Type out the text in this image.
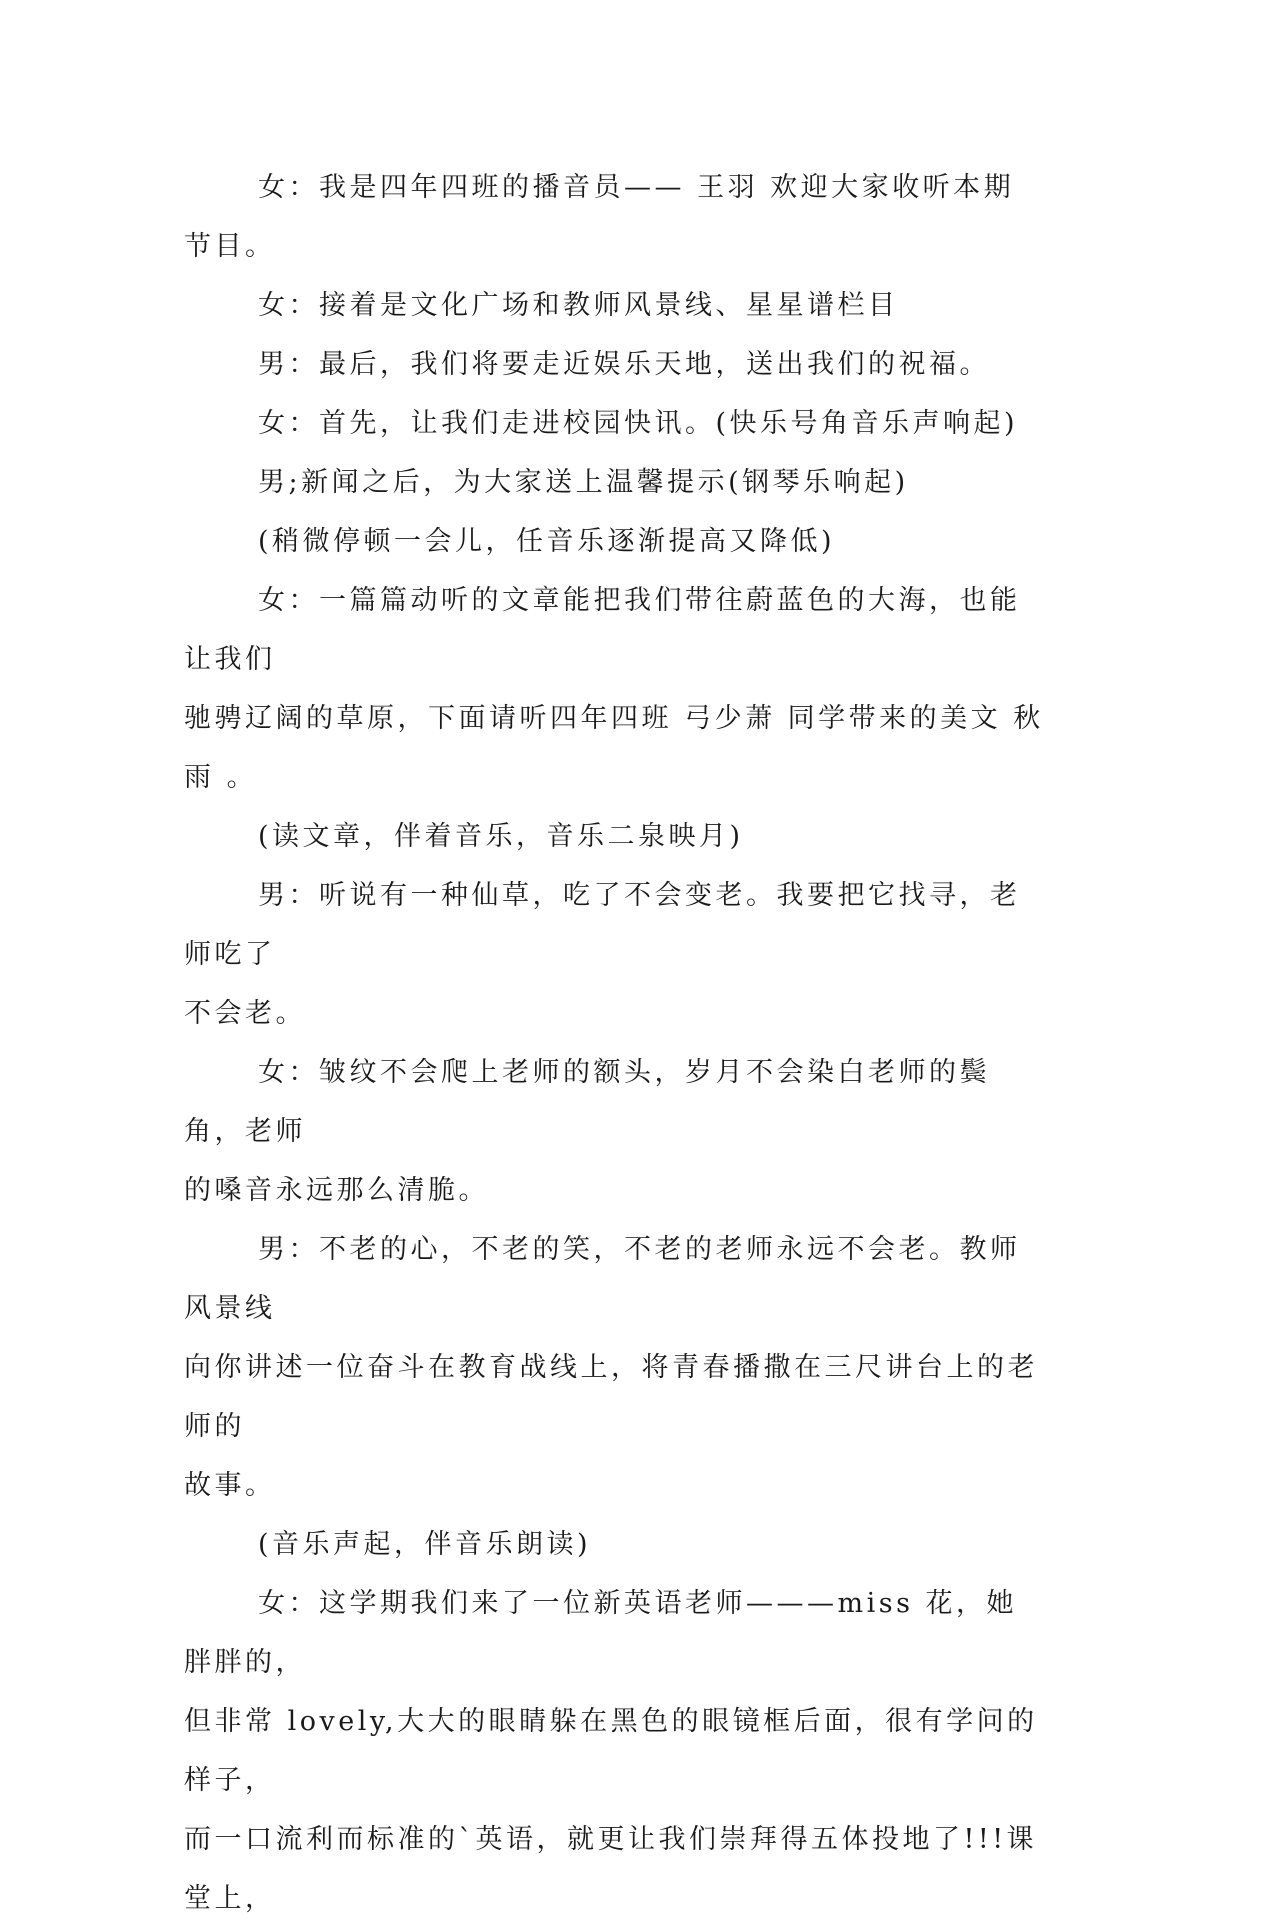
女：我是四年四班的播音员—— 王羽 欢迎大家收听本期节目。

女：接着是文化广场和教师风景线、星星谱栏目

男：最后，我们将要走近娱乐天地，送出我们的祝福。

女：首先，让我们走进校园快讯。(快乐号角音乐声响起)

男;新闻之后，为大家送上温馨提示(钢琴乐响起)

(稍微停顿一会儿，任音乐逐渐提高又降低)

女：一篇篇动听的文章能把我们带往蔚蓝色的大海，也能让我们
驰骋辽阔的草原，下面请听四年四班 弓少萧 同学带来的美文 秋雨 。

(读文章，伴着音乐，音乐二泉映月)

男：听说有一种仙草，吃了不会变老。我要把它找寻，老师吃了
不会老。

女：皱纹不会爬上老师的额头，岁月不会染白老师的鬓角，老师
的嗓音永远那么清脆。

男：不老的心，不老的笑，不老的老师永远不会老。教师风景线
向你讲述一位奋斗在教育战线上，将青春播撒在三尺讲台上的老师的
故事。

(音乐声起，伴音乐朗读)

女：这学期我们来了一位新英语老师———miss 花，她胖胖的，
但非常 lovely,大大的眼睛躲在黑色的眼镜框后面，很有学问的样子，
而一口流利而标准的`英语，就更让我们崇拜得五体投地了!!!课堂上，
